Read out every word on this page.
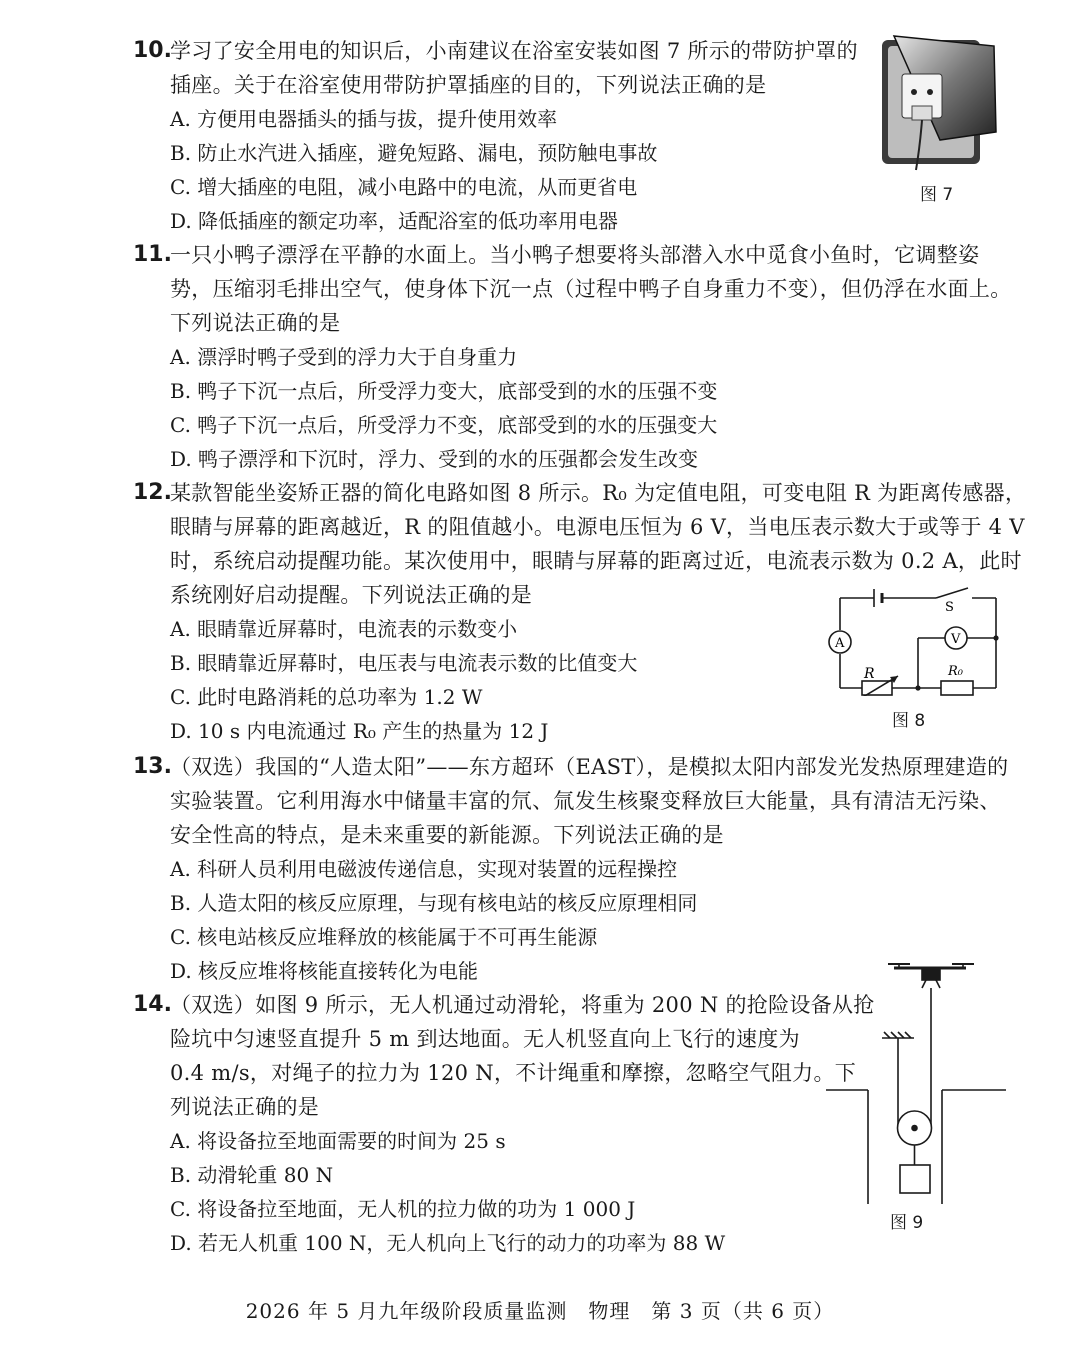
10.
学习了安全用电的知识后，小南建议在浴室安装如图 7 所示的带防护罩的
插座。关于在浴室使用带防护罩插座的目的，下列说法正确的是
A. 方便用电器插头的插与拔，提升使用效率
B. 防止水汽进入插座，避免短路、漏电，预防触电事故
C. 增大插座的电阻，减小电路中的电流，从而更省电
D. 降低插座的额定功率，适配浴室的低功率用电器
图 7
11.
一只小鸭子漂浮在平静的水面上。当小鸭子想要将头部潜入水中觅食小鱼时，它调整姿
势，压缩羽毛排出空气，使身体下沉一点（过程中鸭子自身重力不变），但仍浮在水面上。
下列说法正确的是
A. 漂浮时鸭子受到的浮力大于自身重力
B. 鸭子下沉一点后，所受浮力变大，底部受到的水的压强不变
C. 鸭子下沉一点后，所受浮力不变，底部受到的水的压强变大
D. 鸭子漂浮和下沉时，浮力、受到的水的压强都会发生改变
12.
某款智能坐姿矫正器的简化电路如图 8 所示。R₀ 为定值电阻，可变电阻 R 为距离传感器，
眼睛与屏幕的距离越近，R 的阻值越小。电源电压恒为 6 V，当电压表示数大于或等于 4 V
时，系统启动提醒功能。某次使用中，眼睛与屏幕的距离过近，电流表示数为 0.2 A，此时
系统刚好启动提醒。下列说法正确的是
A. 眼睛靠近屏幕时，电流表的示数变小
B. 眼睛靠近屏幕时，电压表与电流表示数的比值变大
C. 此时电路消耗的总功率为 1.2 W
D. 10 s 内电流通过 R₀ 产生的热量为 12 J
S
A	V
R	R₀
图 8
13.
（双选）我国的“人造太阳”——东方超环（EAST），是模拟太阳内部发光发热原理建造的
实验装置。它利用海水中储量丰富的氘、氚发生核聚变释放巨大能量，具有清洁无污染、
安全性高的特点，是未来重要的新能源。下列说法正确的是
A. 科研人员利用电磁波传递信息，实现对装置的远程操控
B. 人造太阳的核反应原理，与现有核电站的核反应原理相同
C. 核电站核反应堆释放的核能属于不可再生能源
D. 核反应堆将核能直接转化为电能
14.
（双选）如图 9 所示，无人机通过动滑轮，将重为 200 N 的抢险设备从抢
险坑中匀速竖直提升 5 m 到达地面。无人机竖直向上飞行的速度为
0.4 m/s，对绳子的拉力为 120 N，不计绳重和摩擦，忽略空气阻力。下
列说法正确的是
A. 将设备拉至地面需要的时间为 25 s
B. 动滑轮重 80 N
C. 将设备拉至地面，无人机的拉力做的功为 1 000 J
D. 若无人机重 100 N，无人机向上飞行的动力的功率为 88 W
图 9
2026 年 5 月九年级阶段质量监测　物理　第 3 页（共 6 页）
